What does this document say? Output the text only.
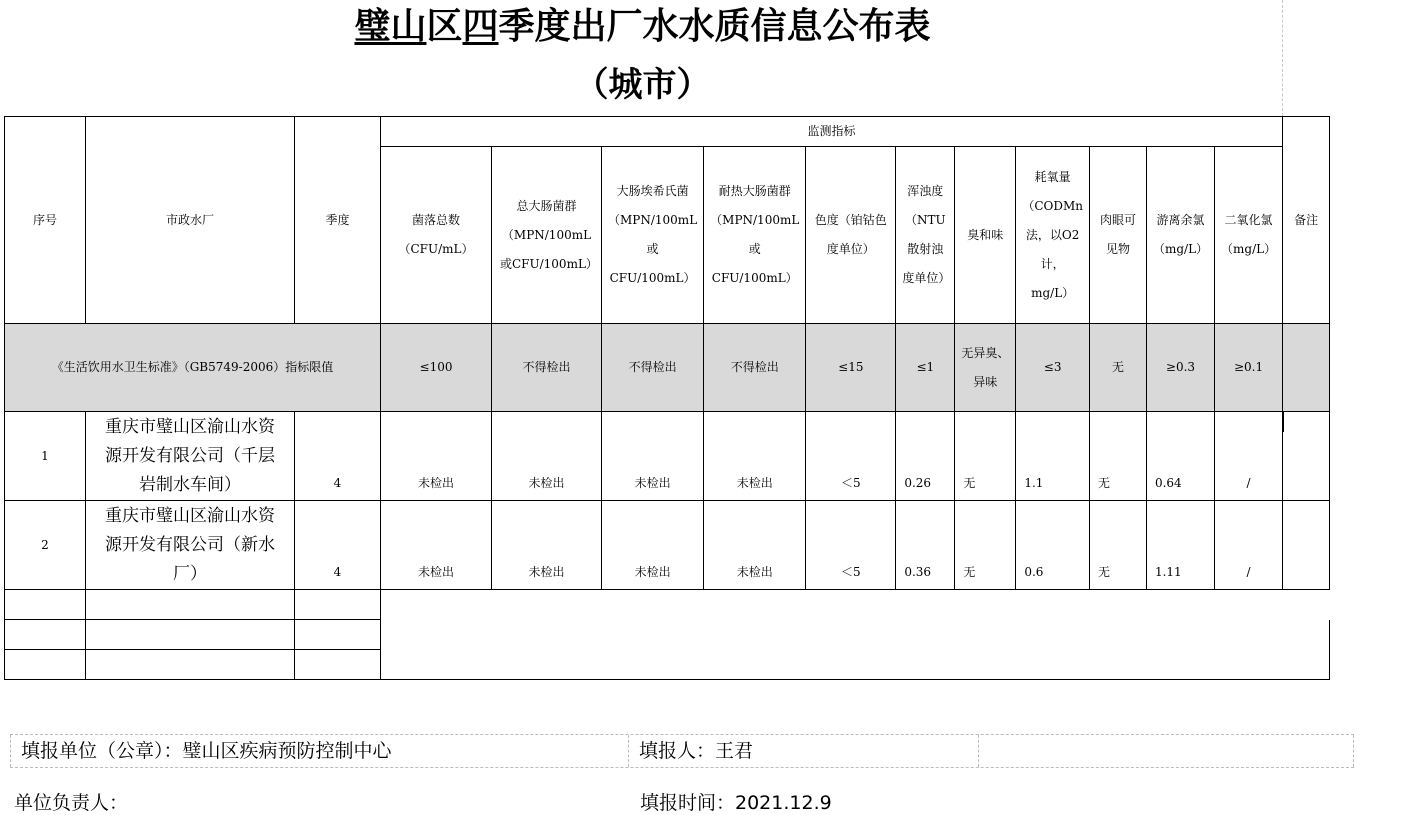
璧山区四季度出厂水水质信息公布表
（城市）
序号	市政水厂	季度	监测指标											备注
			菌落总数（CFU/mL）	总大肠菌群（MPN/100mL 或CFU/100mL）	大肠埃希氏菌（MPN/100mL 或CFU/100mL）	耐热大肠菌群（MPN/100mL 或CFU/100mL）	色度（铂钴色度单位）	浑浊度（NTU散射浊度单位）	臭和味	耗氧量（CODMn法，以O2计，mg/L）	肉眼可见物	游离余氯（mg/L）	二氧化氯（mg/L）	
《生活饮用水卫生标准》（GB5749-2006）指标限值			≤100	不得检出	不得检出	不得检出	≤15	≤1	无异臭、异味	≤3	无	≥0.3	≥0.1	
1	重庆市璧山区渝山水资源开发有限公司（千层岩制水车间）	4	未检出	未检出	未检出	未检出	＜5	0.26	无	1.1	无	0.64	/	
2	重庆市璧山区渝山水资源开发有限公司（新水厂）	4	未检出	未检出	未检出	未检出	＜5	0.36	无	0.6	无	1.11	/	

填报单位（公章）：璧山区疾病预防控制中心	填报人：王君
单位负责人：	填报时间：2021.12.9
